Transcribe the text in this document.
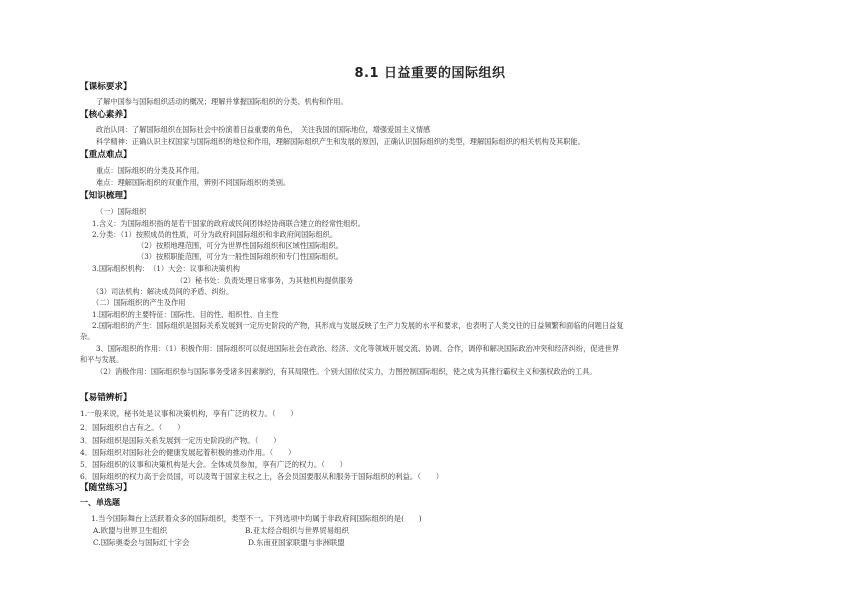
8.1 日益重要的国际组织
【课标要求】
了解中国参与国际组织活动的概况；理解并掌握国际组织的分类、机构和作用。
【核心素养】
政治认同：了解国际组织在国际社会中扮演着日益重要的角色，　关注我国的国际地位，增强爱国主义情感
科学精神：正确认识主权国家与国际组织的地位和作用，理解国际组织产生和发展的原因，正确认识国际组织的类型，理解国际组织的相关机构及其职能。
【重点难点】
重点：国际组织的分类及其作用。
难点：理解国际组织的双重作用，辨别不同国际组织的类别。
【知识梳理】
（一）国际组织
1.含义：为国际组织指的是若干国家的政府或民间团体经协商联合建立的经常性组织。
2.分类：（1）按照成员的性质，可分为政府间国际组织和非政府间国际组织。
（2）按照地理范围，可分为世界性国际组织和区域性国际组织。
（3）按照职能范围，可分为一般性国际组织和专门性国际组织。
3.国际组织机构：　（1）大会：议事和决策机构
（2）秘书处：负责处理日常事务，为其他机构提供服务
（3）司法机构：解决成员间的矛盾、纠纷。
（二）国际组织的产生及作用
1.国际组织的主要特征：国际性、目的性、组织性、自主性
2.国际组织的产生：国际组织是国际关系发展到一定历史阶段的产物，其形成与发展反映了生产力发展的水平和要求，也表明了人类交往的日益频繁和面临的问题日益复
杂。
3、国际组织的作用：（1）积极作用：国际组织可以促进国际社会在政治、经济、文化等领域开展交流、协调、合作，调停和解决国际政治冲突和经济纠纷，促进世界
和平与发展。
（2）消极作用：国际组织参与国际事务受诸多因素制约，有其局限性。个别大国依仗实力，力图控制国际组织，使之成为其推行霸权主义和强权政治的工具。
【易错辨析】
1.一般来说，秘书处是议事和决策机构，享有广泛的权力。（　　）
2．国际组织自古有之。（　　）
3．国际组织是国际关系发展到一定历史阶段的产物。（　　）
4．国际组织对国际社会的健康发展起着积极的推动作用。（　　）
5．国际组织的议事和决策机构是大会。全体成员参加，享有广泛的权力。（　　）
6．国际组织的权力高于会员国，可以凌驾于国家主权之上，各会员国要服从和服务于国际组织的利益。（　　）
【随堂练习】
一、单选题
1.当今国际舞台上活跃着众多的国际组织，类型不一。下列选项中均属于非政府间国际组织的是(　　)
A.欧盟与世界卫生组织	B.亚太经合组织与世界贸易组织
C.国际奥委会与国际红十字会	D.东南亚国家联盟与非洲联盟
